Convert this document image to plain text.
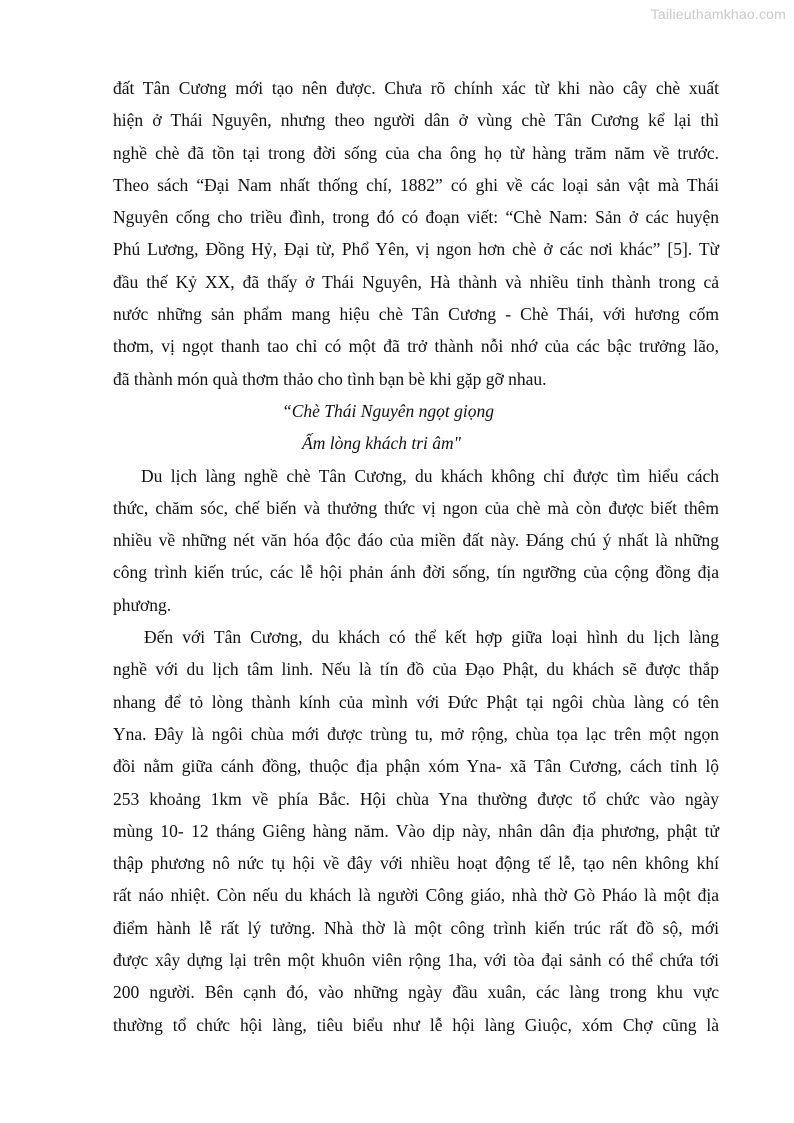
Tailieuthamkhao.com
đất Tân Cương mới tạo nên được. Chưa rõ chính xác từ khi nào cây chè xuất
hiện ở Thái Nguyên, nhưng theo người dân ở vùng chè Tân Cương kể lại thì
nghề chè đã tồn tại trong đời sống của cha ông họ từ hàng trăm năm về trước.
Theo sách “Đại Nam nhất thống chí, 1882” có ghi về các loại sản vật mà Thái
Nguyên cống cho triều đình, trong đó có đoạn viết: “Chè Nam: Sản ở các huyện
Phú Lương, Đồng Hỷ, Đại từ, Phổ Yên, vị ngon hơn chè ở các nơi khác” [5]. Từ
đầu thế Kỷ XX, đã thấy ở Thái Nguyên, Hà thành và nhiều tỉnh thành trong cả
nước những sản phẩm mang hiệu chè Tân Cương - Chè Thái, với hương cốm
thơm, vị ngọt thanh tao chỉ có một đã trở thành nỗi nhớ của các bậc trưởng lão,
đã thành món quà thơm thảo cho tình bạn bè khi gặp gỡ nhau.
“Chè Thái Nguyên ngọt giọng
Ấm lòng khách tri âm"
Du lịch làng nghề chè Tân Cương, du khách không chỉ được tìm hiểu cách
thức, chăm sóc, chế biến và thưởng thức vị ngon của chè mà còn được biết thêm
nhiều về những nét văn hóa độc đáo của miền đất này. Đáng chú ý nhất là những
công trình kiến trúc, các lễ hội phản ánh đời sống, tín ngưỡng của cộng đồng địa
phương.
Đến với Tân Cương, du khách có thể kết hợp giữa loại hình du lịch làng
nghề với du lịch tâm linh. Nếu là tín đồ của Đạo Phật, du khách sẽ được thắp
nhang để tỏ lòng thành kính của mình với Đức Phật tại ngôi chùa làng có tên
Yna. Đây là ngôi chùa mới được trùng tu, mở rộng, chùa tọa lạc trên một ngọn
đồi nằm giữa cánh đồng, thuộc địa phận xóm Yna- xã Tân Cương, cách tỉnh lộ
253 khoảng 1km về phía Bắc. Hội chùa Yna thường được tổ chức vào ngày
mùng 10- 12 tháng Giêng hàng năm. Vào dịp này, nhân dân địa phương, phật tử
thập phương nô nức tụ hội về đây với nhiều hoạt động tế lễ, tạo nên không khí
rất náo nhiệt. Còn nếu du khách là người Công giáo, nhà thờ Gò Pháo là một địa
điểm hành lễ rất lý tưởng. Nhà thờ là một công trình kiến trúc rất đồ sộ, mới
được xây dựng lại trên một khuôn viên rộng 1ha, với tòa đại sảnh có thể chứa tới
200 người. Bên cạnh đó, vào những ngày đầu xuân, các làng trong khu vực
thường tổ chức hội làng, tiêu biểu như lễ hội làng Giuộc, xóm Chợ cũng là
